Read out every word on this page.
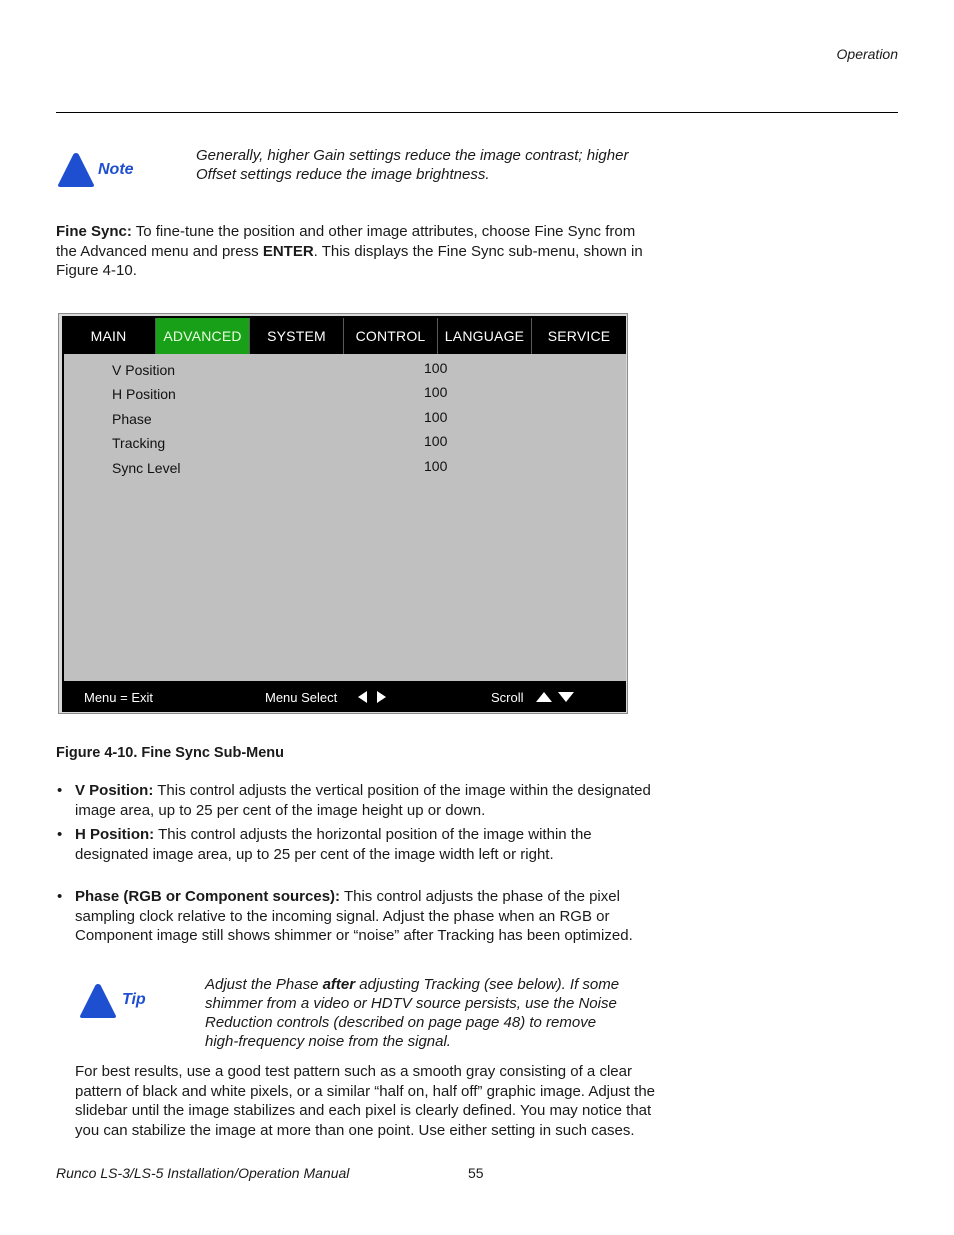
Operation
Note
Generally, higher Gain settings reduce the image contrast; higher
Offset settings reduce the image brightness.
Fine Sync: To fine-tune the position and other image attributes, choose Fine Sync from
the Advanced menu and press ENTER. This displays the Fine Sync sub-menu, shown in
Figure 4-10.
MAIN	ADVANCED	SYSTEM	CONTROL	LANGUAGE	SERVICE
V Position	100
H Position	100
Phase	100
Tracking	100
Sync Level	100
Menu = Exit	Menu Select	Scroll
Figure 4-10. Fine Sync Sub-Menu
• V Position: This control adjusts the vertical position of the image within the designated
image area, up to 25 per cent of the image height up or down.
• H Position: This control adjusts the horizontal position of the image within the
designated image area, up to 25 per cent of the image width left or right.
• Phase (RGB or Component sources): This control adjusts the phase of the pixel
sampling clock relative to the incoming signal. Adjust the phase when an RGB or
Component image still shows shimmer or “noise” after Tracking has been optimized.
Tip
Adjust the Phase after adjusting Tracking (see below). If some
shimmer from a video or HDTV source persists, use the Noise
Reduction controls (described on page page 48) to remove
high-frequency noise from the signal.
For best results, use a good test pattern such as a smooth gray consisting of a clear
pattern of black and white pixels, or a similar “half on, half off” graphic image. Adjust the
slidebar until the image stabilizes and each pixel is clearly defined. You may notice that
you can stabilize the image at more than one point. Use either setting in such cases.
Runco LS-3/LS-5 Installation/Operation Manual	55
